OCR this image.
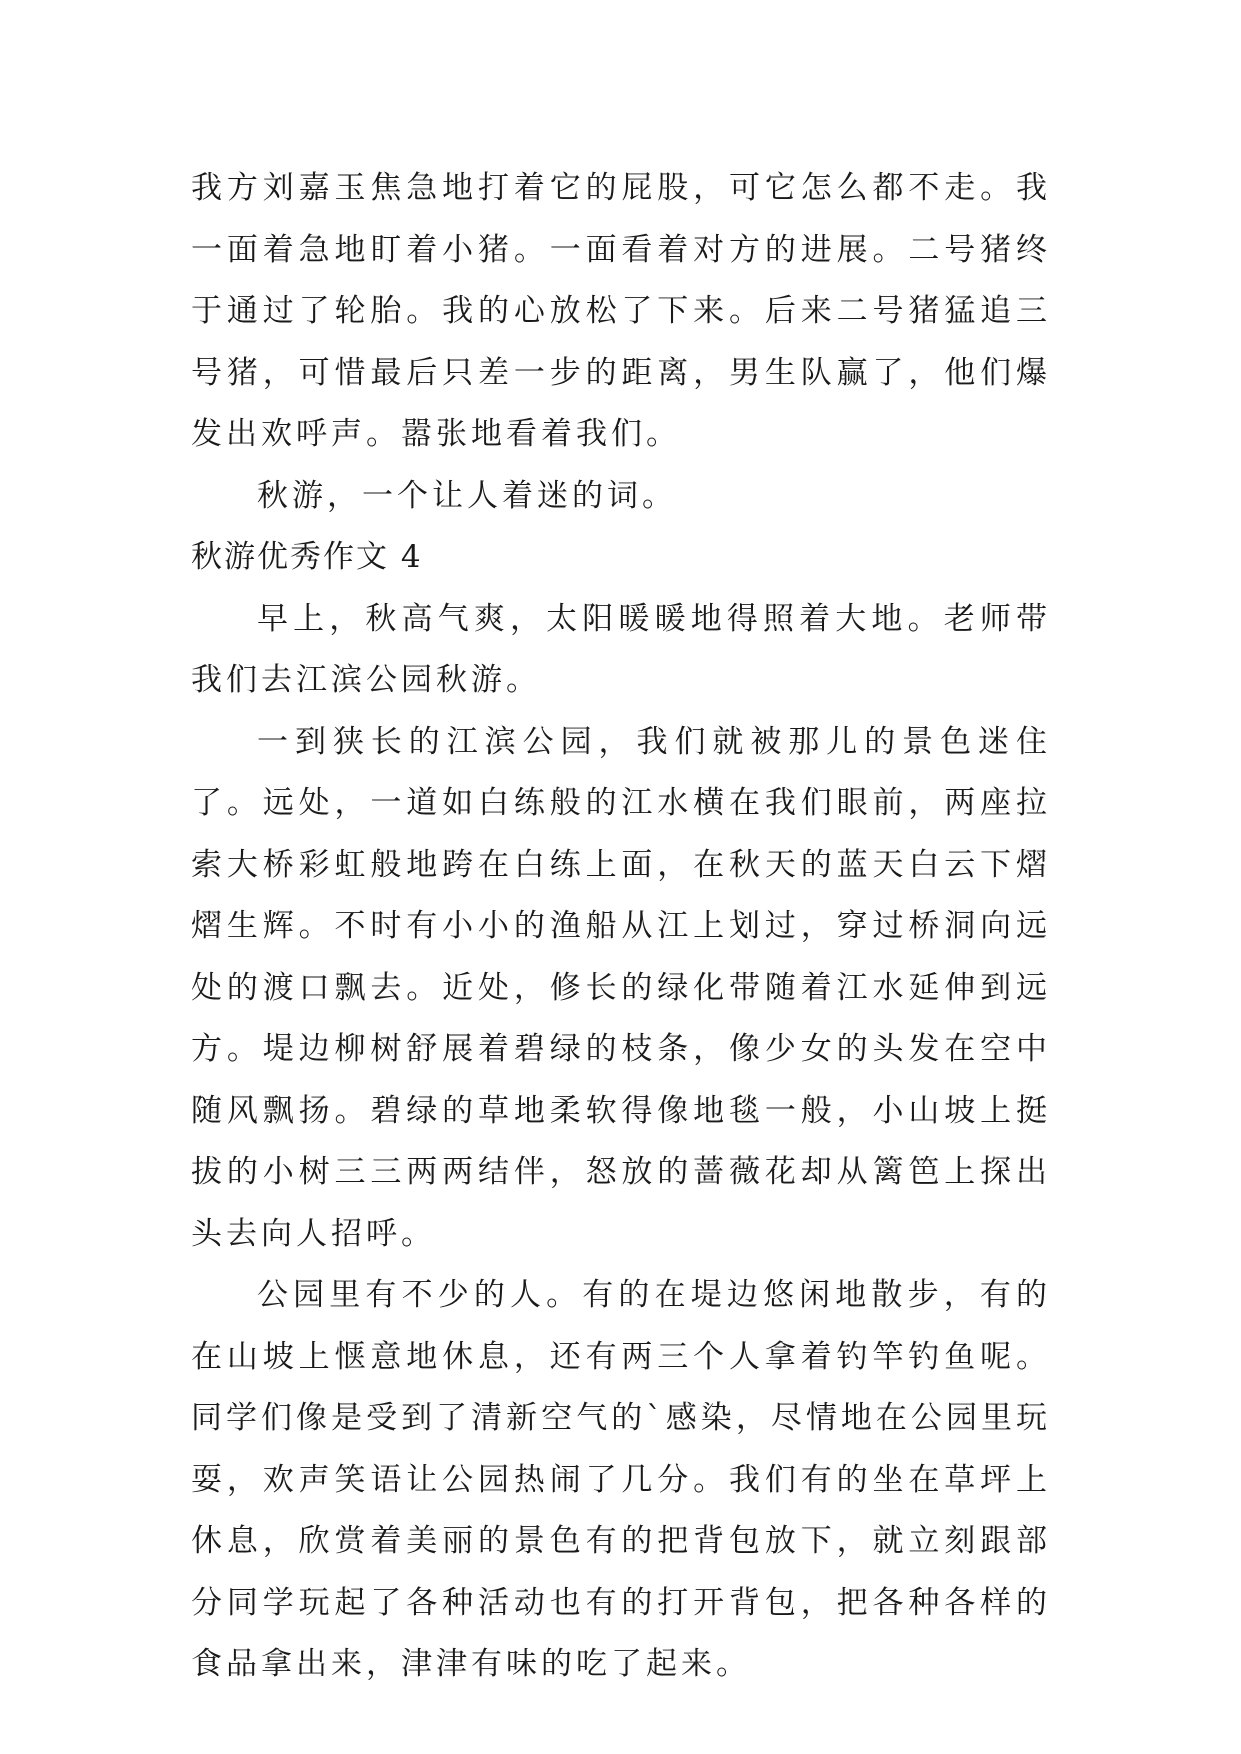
我方刘嘉玉焦急地打着它的屁股，可它怎么都不走。我一面着急地盯着小猪。一面看着对方的进展。二号猪终于通过了轮胎。我的心放松了下来。后来二号猪猛追三号猪，可惜最后只差一步的距离，男生队赢了，他们爆发出欢呼声。嚣张地看着我们。

秋游，一个让人着迷的词。

秋游优秀作文 4

早上，秋高气爽，太阳暖暖地得照着大地。老师带我们去江滨公园秋游。

一到狭长的江滨公园，我们就被那儿的景色迷住了。远处，一道如白练般的江水横在我们眼前，两座拉索大桥彩虹般地跨在白练上面，在秋天的蓝天白云下熠熠生辉。不时有小小的渔船从江上划过，穿过桥洞向远处的渡口飘去。近处，修长的绿化带随着江水延伸到远方。堤边柳树舒展着碧绿的枝条，像少女的头发在空中随风飘扬。碧绿的草地柔软得像地毯一般，小山坡上挺拔的小树三三两两结伴，怒放的蔷薇花却从篱笆上探出头去向人招呼。

公园里有不少的人。有的在堤边悠闲地散步，有的在山坡上惬意地休息，还有两三个人拿着钓竿钓鱼呢。同学们像是受到了清新空气的`感染，尽情地在公园里玩耍，欢声笑语让公园热闹了几分。我们有的坐在草坪上休息，欣赏着美丽的景色有的把背包放下，就立刻跟部分同学玩起了各种活动也有的打开背包，把各种各样的食品拿出来，津津有味的吃了起来。
